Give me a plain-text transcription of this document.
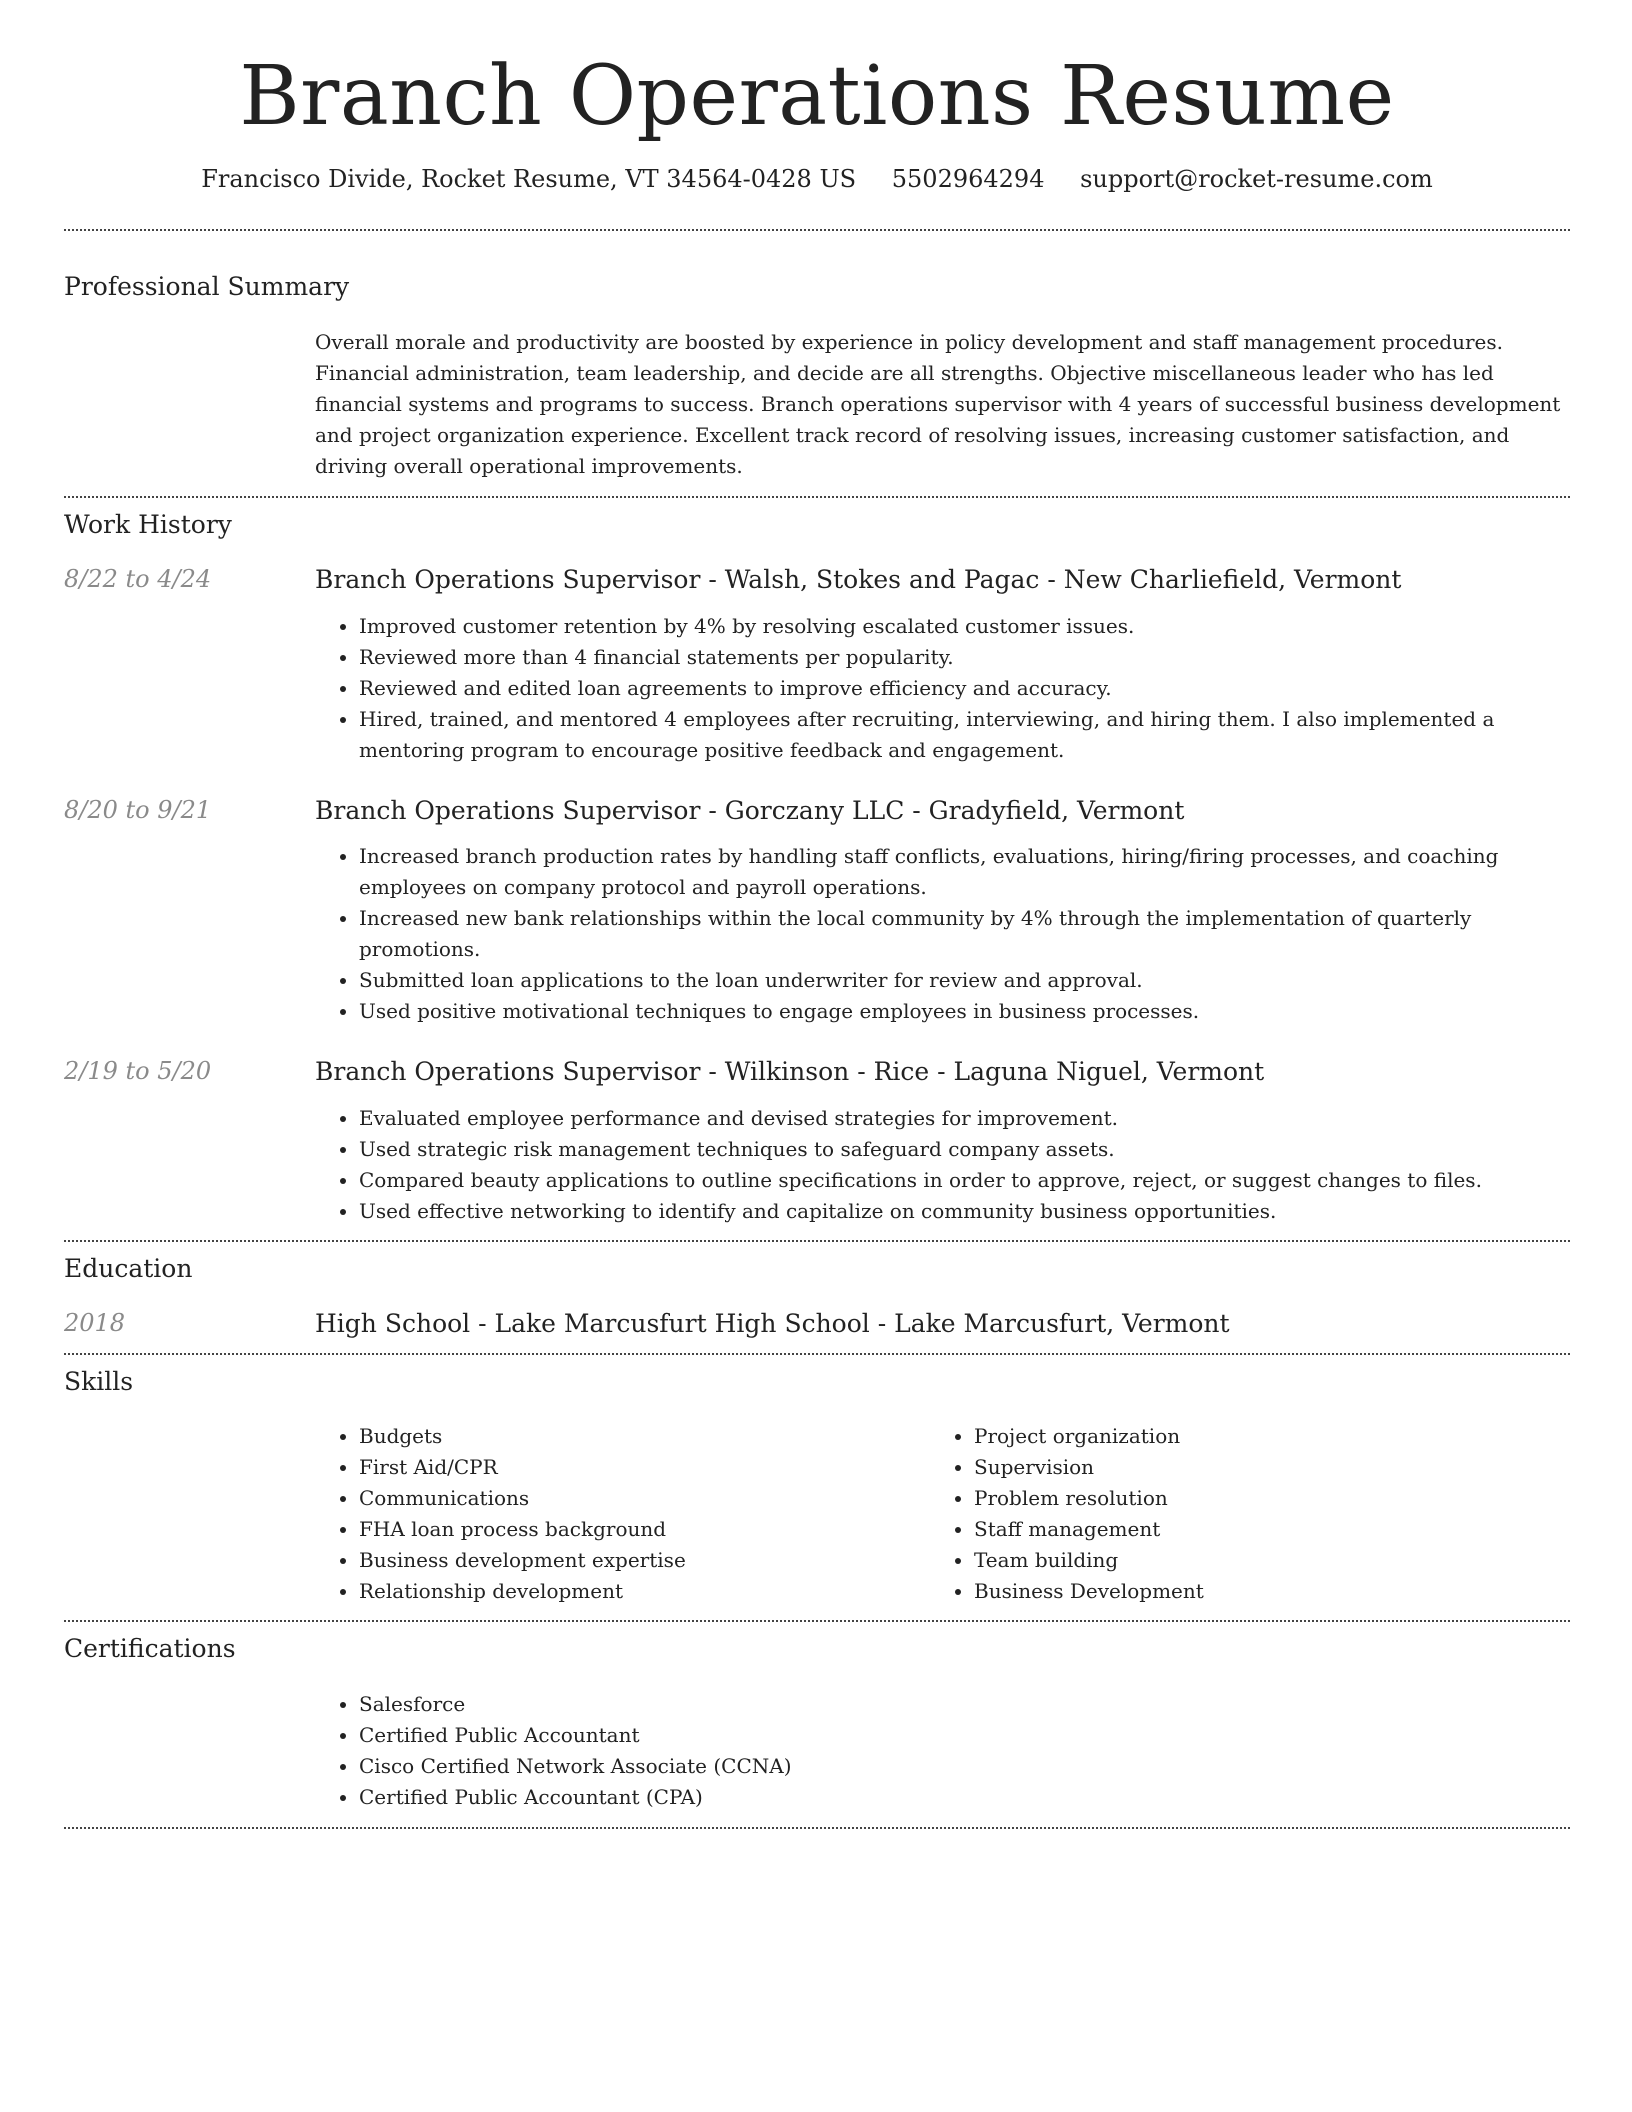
Branch Operations Resume
Francisco Divide, Rocket Resume, VT 34564-0428 US 5502964294 support@rocket-resume.com
Professional Summary
Overall morale and productivity are boosted by experience in policy development and staff management procedures. Financial administration, team leadership, and decide are all strengths. Objective miscellaneous leader who has led financial systems and programs to success. Branch operations supervisor with 4 years of successful business development and project organization experience. Excellent track record of resolving issues, increasing customer satisfaction, and driving overall operational improvements.
Work History
8/22 to 4/24	Branch Operations Supervisor - Walsh, Stokes and Pagac - New Charliefield, Vermont
• Improved customer retention by 4% by resolving escalated customer issues.
• Reviewed more than 4 financial statements per popularity.
• Reviewed and edited loan agreements to improve efficiency and accuracy.
• Hired, trained, and mentored 4 employees after recruiting, interviewing, and hiring them. I also implemented a mentoring program to encourage positive feedback and engagement.
8/20 to 9/21	Branch Operations Supervisor - Gorczany LLC - Gradyfield, Vermont
• Increased branch production rates by handling staff conflicts, evaluations, hiring/firing processes, and coaching employees on company protocol and payroll operations.
• Increased new bank relationships within the local community by 4% through the implementation of quarterly promotions.
• Submitted loan applications to the loan underwriter for review and approval.
• Used positive motivational techniques to engage employees in business processes.
2/19 to 5/20	Branch Operations Supervisor - Wilkinson - Rice - Laguna Niguel, Vermont
• Evaluated employee performance and devised strategies for improvement.
• Used strategic risk management techniques to safeguard company assets.
• Compared beauty applications to outline specifications in order to approve, reject, or suggest changes to files.
• Used effective networking to identify and capitalize on community business opportunities.
Education
2018	High School - Lake Marcusfurt High School - Lake Marcusfurt, Vermont
Skills
• Budgets
• First Aid/CPR
• Communications
• FHA loan process background
• Business development expertise
• Relationship development
• Project organization
• Supervision
• Problem resolution
• Staff management
• Team building
• Business Development
Certifications
• Salesforce
• Certified Public Accountant
• Cisco Certified Network Associate (CCNA)
• Certified Public Accountant (CPA)
